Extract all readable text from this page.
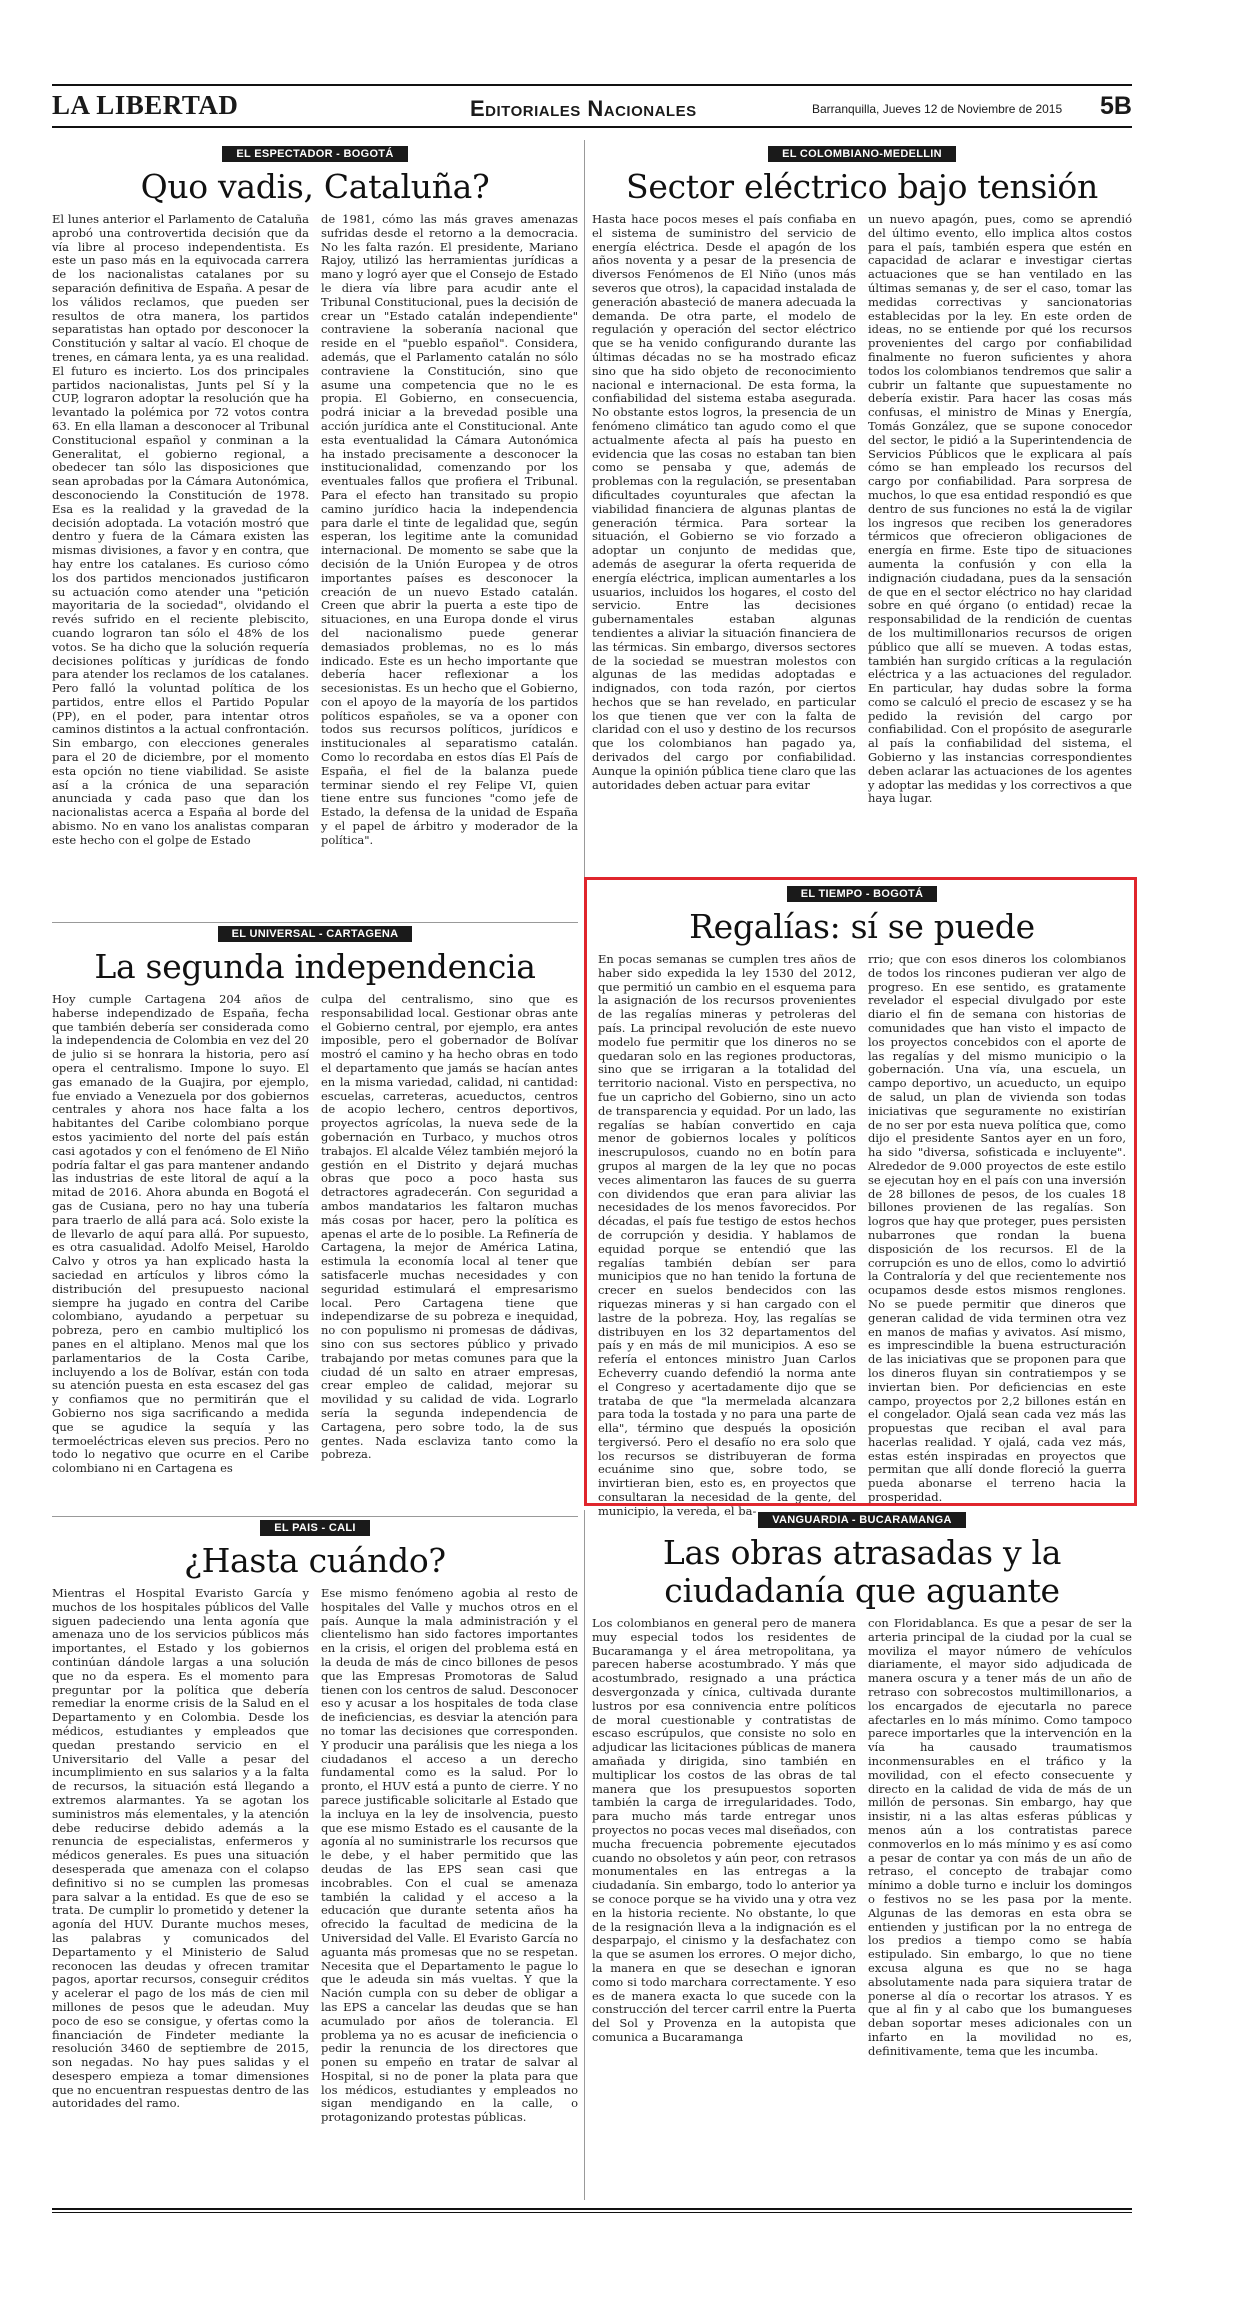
LA LIBERTAD	Editoriales Nacionales	Barranquilla, Jueves 12 de Noviembre de 2015 5B
EL ESPECTADOR - BOGOTÁ
Quo vadis, Cataluña?

El lunes anterior el Parlamento de Cataluña aprobó una controvertida decisión que da vía libre al proceso independentista. Es este un paso más en la equivocada carrera de los nacionalistas catalanes por su separación definitiva de España. A pesar de los válidos reclamos, que pueden ser resultos de otra manera, los partidos separatistas han optado por desconocer la Constitución y saltar al vacío. El choque de trenes, en cámara lenta, ya es una realidad. El futuro es incierto. Los dos principales partidos nacionalistas, Junts pel Sí y la CUP, lograron adoptar la resolución que ha levantado la polémica por 72 votos contra 63. En ella llaman a desconocer al Tribunal Constitucional español y conminan a la Generalitat, el gobierno regional, a obedecer tan sólo las disposiciones que sean aprobadas por la Cámara Autonómica, desconociendo la Constitución de 1978. Esa es la realidad y la gravedad de la decisión adoptada. La votación mostró que dentro y fuera de la Cámara existen las mismas divisiones, a favor y en contra, que hay entre los catalanes. Es curioso cómo los dos partidos mencionados justificaron su actuación como atender una "petición mayoritaria de la sociedad", olvidando el revés sufrido en el reciente plebiscito, cuando lograron tan sólo el 48% de los votos. Se ha dicho que la solución requería decisiones políticas y jurídicas de fondo para atender los reclamos de los catalanes. Pero falló la voluntad política de los partidos, entre ellos el Partido Popular (PP), en el poder, para intentar otros caminos distintos a la actual confrontación. Sin embargo, con elecciones generales para el 20 de diciembre, por el momento esta opción no tiene viabilidad. Se asiste así a la crónica de una separación anunciada y cada paso que dan los nacionalistas acerca a España al borde del abismo. No en vano los analistas comparan este hecho con el golpe de Estado

de 1981, cómo las más graves amenazas sufridas desde el retorno a la democracia. No les falta razón. El presidente, Mariano Rajoy, utilizó las herramientas jurídicas a mano y logró ayer que el Consejo de Estado le diera vía libre para acudir ante el Tribunal Constitucional, pues la decisión de crear un "Estado catalán independiente" contraviene la soberanía nacional que reside en el "pueblo español". Considera, además, que el Parlamento catalán no sólo contraviene la Constitución, sino que asume una competencia que no le es propia. El Gobierno, en consecuencia, podrá iniciar a la brevedad posible una acción jurídica ante el Constitucional. Ante esta eventualidad la Cámara Autonómica ha instado precisamente a desconocer la institucionalidad, comenzando por los eventuales fallos que profiera el Tribunal. Para el efecto han transitado su propio camino jurídico hacia la independencia para darle el tinte de legalidad que, según esperan, los legitime ante la comunidad internacional. De momento se sabe que la decisión de la Unión Europea y de otros importantes países es desconocer la creación de un nuevo Estado catalán. Creen que abrir la puerta a este tipo de situaciones, en una Europa donde el virus del nacionalismo puede generar demasiados problemas, no es lo más indicado. Este es un hecho importante que debería hacer reflexionar a los secesionistas. Es un hecho que el Gobierno, con el apoyo de la mayoría de los partidos políticos españoles, se va a oponer con todos sus recursos políticos, jurídicos e institucionales al separatismo catalán. Como lo recordaba en estos días El País de España, el fiel de la balanza puede terminar siendo el rey Felipe VI, quien tiene entre sus funciones "como jefe de Estado, la defensa de la unidad de España y el papel de árbitro y moderador de la política".

EL COLOMBIANO-MEDELLIN
Sector eléctrico bajo tensión

Hasta hace pocos meses el país confiaba en el sistema de suministro del servicio de energía eléctrica. Desde el apagón de los años noventa y a pesar de la presencia de diversos Fenómenos de El Niño (unos más severos que otros), la capacidad instalada de generación abasteció de manera adecuada la demanda. De otra parte, el modelo de regulación y operación del sector eléctrico que se ha venido configurando durante las últimas décadas no se ha mostrado eficaz sino que ha sido objeto de reconocimiento nacional e internacional. De esta forma, la confiabilidad del sistema estaba asegurada. No obstante estos logros, la presencia de un fenómeno climático tan agudo como el que actualmente afecta al país ha puesto en evidencia que las cosas no estaban tan bien como se pensaba y que, además de problemas con la regulación, se presentaban dificultades coyunturales que afectan la viabilidad financiera de algunas plantas de generación térmica. Para sortear la situación, el Gobierno se vio forzado a adoptar un conjunto de medidas que, además de asegurar la oferta requerida de energía eléctrica, implican aumentarles a los usuarios, incluidos los hogares, el costo del servicio. Entre las decisiones gubernamentales estaban algunas tendientes a aliviar la situación financiera de las térmicas. Sin embargo, diversos sectores de la sociedad se muestran molestos con algunas de las medidas adoptadas e indignados, con toda razón, por ciertos hechos que se han revelado, en particular los que tienen que ver con la falta de claridad con el uso y destino de los recursos que los colombianos han pagado ya, derivados del cargo por confiabilidad. Aunque la opinión pública tiene claro que las autoridades deben actuar para evitar

un nuevo apagón, pues, como se aprendió del último evento, ello implica altos costos para el país, también espera que estén en capacidad de aclarar e investigar ciertas actuaciones que se han ventilado en las últimas semanas y, de ser el caso, tomar las medidas correctivas y sancionatorias establecidas por la ley. En este orden de ideas, no se entiende por qué los recursos provenientes del cargo por confiabilidad finalmente no fueron suficientes y ahora todos los colombianos tendremos que salir a cubrir un faltante que supuestamente no debería existir. Para hacer las cosas más confusas, el ministro de Minas y Energía, Tomás González, que se supone conocedor del sector, le pidió a la Superintendencia de Servicios Públicos que le explicara al país cómo se han empleado los recursos del cargo por confiabilidad. Para sorpresa de muchos, lo que esa entidad respondió es que dentro de sus funciones no está la de vigilar los ingresos que reciben los generadores térmicos que ofrecieron obligaciones de energía en firme. Este tipo de situaciones aumenta la confusión y con ella la indignación ciudadana, pues da la sensación de que en el sector eléctrico no hay claridad sobre en qué órgano (o entidad) recae la responsabilidad de la rendición de cuentas de los multimillonarios recursos de origen público que allí se mueven. A todas estas, también han surgido críticas a la regulación eléctrica y a las actuaciones del regulador. En particular, hay dudas sobre la forma como se calculó el precio de escasez y se ha pedido la revisión del cargo por confiabilidad. Con el propósito de asegurarle al país la confiabilidad del sistema, el Gobierno y las instancias correspondientes deben aclarar las actuaciones de los agentes y adoptar las medidas y los correctivos a que haya lugar.

EL UNIVERSAL - CARTAGENA
La segunda independencia

Hoy cumple Cartagena 204 años de haberse independizado de España, fecha que también debería ser considerada como la independencia de Colombia en vez del 20 de julio si se honrara la historia, pero así opera el centralismo. Impone lo suyo. El gas emanado de la Guajira, por ejemplo, fue enviado a Venezuela por dos gobiernos centrales y ahora nos hace falta a los habitantes del Caribe colombiano porque estos yacimiento del norte del país están casi agotados y con el fenómeno de El Niño podría faltar el gas para mantener andando las industrias de este litoral de aquí a la mitad de 2016. Ahora abunda en Bogotá el gas de Cusiana, pero no hay una tubería para traerlo de allá para acá. Solo existe la de llevarlo de aquí para allá. Por supuesto, es otra casualidad. Adolfo Meisel, Haroldo Calvo y otros ya han explicado hasta la saciedad en artículos y libros cómo la distribución del presupuesto nacional siempre ha jugado en contra del Caribe colombiano, ayudando a perpetuar su pobreza, pero en cambio multiplicó los panes en el altiplano. Menos mal que los parlamentarios de la Costa Caribe, incluyendo a los de Bolívar, están con toda su atención puesta en esta escasez del gas y confiamos que no permitirán que el Gobierno nos siga sacrificando a medida que se agudice la sequía y las termoeléctricas eleven sus precios. Pero no todo lo negativo que ocurre en el Caribe colombiano ni en Cartagena es

culpa del centralismo, sino que es responsabilidad local. Gestionar obras ante el Gobierno central, por ejemplo, era antes imposible, pero el gobernador de Bolívar mostró el camino y ha hecho obras en todo el departamento que jamás se hacían antes en la misma variedad, calidad, ni cantidad: escuelas, carreteras, acueductos, centros de acopio lechero, centros deportivos, proyectos agrícolas, la nueva sede de la gobernación en Turbaco, y muchos otros trabajos. El alcalde Vélez también mejoró la gestión en el Distrito y dejará muchas obras que poco a poco hasta sus detractores agradecerán. Con seguridad a ambos mandatarios les faltaron muchas más cosas por hacer, pero la política es apenas el arte de lo posible. La Refinería de Cartagena, la mejor de América Latina, estimula la economía local al tener que satisfacerle muchas necesidades y con seguridad estimulará el empresarismo local. Pero Cartagena tiene que independizarse de su pobreza e inequidad, no con populismo ni promesas de dádivas, sino con sus sectores público y privado trabajando por metas comunes para que la ciudad dé un salto en atraer empresas, crear empleo de calidad, mejorar su movilidad y su calidad de vida. Lograrlo sería la segunda independencia de Cartagena, pero sobre todo, la de sus gentes. Nada esclaviza tanto como la pobreza.

EL TIEMPO - BOGOTÁ
Regalías: sí se puede

En pocas semanas se cumplen tres años de haber sido expedida la ley 1530 del 2012, que permitió un cambio en el esquema para la asignación de los recursos provenientes de las regalías mineras y petroleras del país. La principal revolución de este nuevo modelo fue permitir que los dineros no se quedaran solo en las regiones productoras, sino que se irrigaran a la totalidad del territorio nacional. Visto en perspectiva, no fue un capricho del Gobierno, sino un acto de transparencia y equidad. Por un lado, las regalías se habían convertido en caja menor de gobiernos locales y políticos inescrupulosos, cuando no en botín para grupos al margen de la ley que no pocas veces alimentaron las fauces de su guerra con dividendos que eran para aliviar las necesidades de los menos favorecidos. Por décadas, el país fue testigo de estos hechos de corrupción y desidia. Y hablamos de equidad porque se entendió que las regalías también debían ser para municipios que no han tenido la fortuna de crecer en suelos bendecidos con las riquezas mineras y si han cargado con el lastre de la pobreza. Hoy, las regalías se distribuyen en los 32 departamentos del país y en más de mil municipios. A eso se refería el entonces ministro Juan Carlos Echeverry cuando defendió la norma ante el Congreso y acertadamente dijo que se trataba de que "la mermelada alcanzara para toda la tostada y no para una parte de ella", término que después la oposición tergiversó. Pero el desafío no era solo que los recursos se distribuyeran de forma ecuánime sino que, sobre todo, se invirtieran bien, esto es, en proyectos que consultaran la necesidad de la gente, del municipio, la vereda, el ba-

rrio; que con esos dineros los colombianos de todos los rincones pudieran ver algo de progreso. En ese sentido, es gratamente revelador el especial divulgado por este diario el fin de semana con historias de comunidades que han visto el impacto de los proyectos concebidos con el aporte de las regalías y del mismo municipio o la gobernación. Una vía, una escuela, un campo deportivo, un acueducto, un equipo de salud, un plan de vivienda son todas iniciativas que seguramente no existirían de no ser por esta nueva política que, como dijo el presidente Santos ayer en un foro, ha sido "diversa, sofisticada e incluyente". Alrededor de 9.000 proyectos de este estilo se ejecutan hoy en el país con una inversión de 28 billones de pesos, de los cuales 18 billones provienen de las regalías. Son logros que hay que proteger, pues persisten nubarrones que rondan la buena disposición de los recursos. El de la corrupción es uno de ellos, como lo advirtió la Contraloría y del que recientemente nos ocupamos desde estos mismos renglones. No se puede permitir que dineros que generan calidad de vida terminen otra vez en manos de mafias y avivatos. Así mismo, es imprescindible la buena estructuración de las iniciativas que se proponen para que los dineros fluyan sin contratiempos y se inviertan bien. Por deficiencias en este campo, proyectos por 2,2 billones están en el congelador. Ojalá sean cada vez más las propuestas que reciban el aval para hacerlas realidad. Y ojalá, cada vez más, estas estén inspiradas en proyectos que permitan que allí donde floreció la guerra pueda abonarse el terreno hacia la prosperidad.

EL PAIS - CALI
¿Hasta cuándo?

Mientras el Hospital Evaristo García y muchos de los hospitales públicos del Valle siguen padeciendo una lenta agonía que amenaza uno de los servicios públicos más importantes, el Estado y los gobiernos continúan dándole largas a una solución que no da espera. Es el momento para preguntar por la política que debería remediar la enorme crisis de la Salud en el Departamento y en Colombia. Desde los médicos, estudiantes y empleados que quedan prestando servicio en el Universitario del Valle a pesar del incumplimiento en sus salarios y a la falta de recursos, la situación está llegando a extremos alarmantes. Ya se agotan los suministros más elementales, y la atención debe reducirse debido además a la renuncia de especialistas, enfermeros y médicos generales. Es pues una situación desesperada que amenaza con el colapso definitivo si no se cumplen las promesas para salvar a la entidad. Es que de eso se trata. De cumplir lo prometido y detener la agonía del HUV. Durante muchos meses, las palabras y comunicados del Departamento y el Ministerio de Salud reconocen las deudas y ofrecen tramitar pagos, aportar recursos, conseguir créditos y acelerar el pago de los más de cien mil millones de pesos que le adeudan. Muy poco de eso se consigue, y ofertas como la financiación de Findeter mediante la resolución 3460 de septiembre de 2015, son negadas. No hay pues salidas y el desespero empieza a tomar dimensiones que no encuentran respuestas dentro de las autoridades del ramo.

Ese mismo fenómeno agobia al resto de hospitales del Valle y muchos otros en el país. Aunque la mala administración y el clientelismo han sido factores importantes en la crisis, el origen del problema está en la deuda de más de cinco billones de pesos que las Empresas Promotoras de Salud tienen con los centros de salud. Desconocer eso y acusar a los hospitales de toda clase de ineficiencias, es desviar la atención para no tomar las decisiones que corresponden. Y producir una parálisis que les niega a los ciudadanos el acceso a un derecho fundamental como es la salud. Por lo pronto, el HUV está a punto de cierre. Y no parece justificable solicitarle al Estado que la incluya en la ley de insolvencia, puesto que ese mismo Estado es el causante de la agonía al no suministrarle los recursos que le debe, y el haber permitido que las deudas de las EPS sean casi que incobrables. Con el cual se amenaza también la calidad y el acceso a la educación que durante setenta años ha ofrecido la facultad de medicina de la Universidad del Valle. El Evaristo García no aguanta más promesas que no se respetan. Necesita que el Departamento le pague lo que le adeuda sin más vueltas. Y que la Nación cumpla con su deber de obligar a las EPS a cancelar las deudas que se han acumulado por años de tolerancia. El problema ya no es acusar de ineficiencia o pedir la renuncia de los directores que ponen su empeño en tratar de salvar al Hospital, si no de poner la plata para que los médicos, estudiantes y empleados no sigan mendigando en la calle, o protagonizando protestas públicas.

VANGUARDIA - BUCARAMANGA
Las obras atrasadas y la ciudadanía que aguante

Los colombianos en general pero de manera muy especial todos los residentes de Bucaramanga y el área metropolitana, ya parecen haberse acostumbrado. Y más que acostumbrado, resignado a una práctica desvergonzada y cínica, cultivada durante lustros por esa connivencia entre políticos de moral cuestionable y contratistas de escaso escrúpulos, que consiste no solo en adjudicar las licitaciones públicas de manera amañada y dirigida, sino también en multiplicar los costos de las obras de tal manera que los presupuestos soporten también la carga de irregularidades. Todo, para mucho más tarde entregar unos proyectos no pocas veces mal diseñados, con mucha frecuencia pobremente ejecutados cuando no obsoletos y aún peor, con retrasos monumentales en las entregas a la ciudadanía. Sin embargo, todo lo anterior ya se conoce porque se ha vivido una y otra vez en la historia reciente. No obstante, lo que de la resignación lleva a la indignación es el desparpajo, el cinismo y la desfachatez con la que se asumen los errores. O mejor dicho, la manera en que se desechan e ignoran como si todo marchara correctamente. Y eso es de manera exacta lo que sucede con la construcción del tercer carril entre la Puerta del Sol y Provenza en la autopista que comunica a Bucaramanga

con Floridablanca. Es que a pesar de ser la arteria principal de la ciudad por la cual se moviliza el mayor número de vehículos diariamente, el mayor sido adjudicada de manera oscura y a tener más de un año de retraso con sobrecostos multimillonarios, a los encargados de ejecutarla no parece afectarles en lo más mínimo. Como tampoco parece importarles que la intervención en la vía ha causado traumatismos inconmensurables en el tráfico y la movilidad, con el efecto consecuente y directo en la calidad de vida de más de un millón de personas. Sin embargo, hay que insistir, ni a las altas esferas públicas y menos aún a los contratistas parece conmoverlos en lo más mínimo y es así como a pesar de contar ya con más de un año de retraso, el concepto de trabajar como mínimo a doble turno e incluir los domingos o festivos no se les pasa por la mente. Algunas de las demoras en esta obra se entienden y justifican por la no entrega de los predios a tiempo como se había estipulado. Sin embargo, lo que no tiene excusa alguna es que no se haga absolutamente nada para siquiera tratar de ponerse al día o recortar los atrasos. Y es que al fin y al cabo que los bumangueses deban soportar meses adicionales con un infarto en la movilidad no es, definitivamente, tema que les incumba.
